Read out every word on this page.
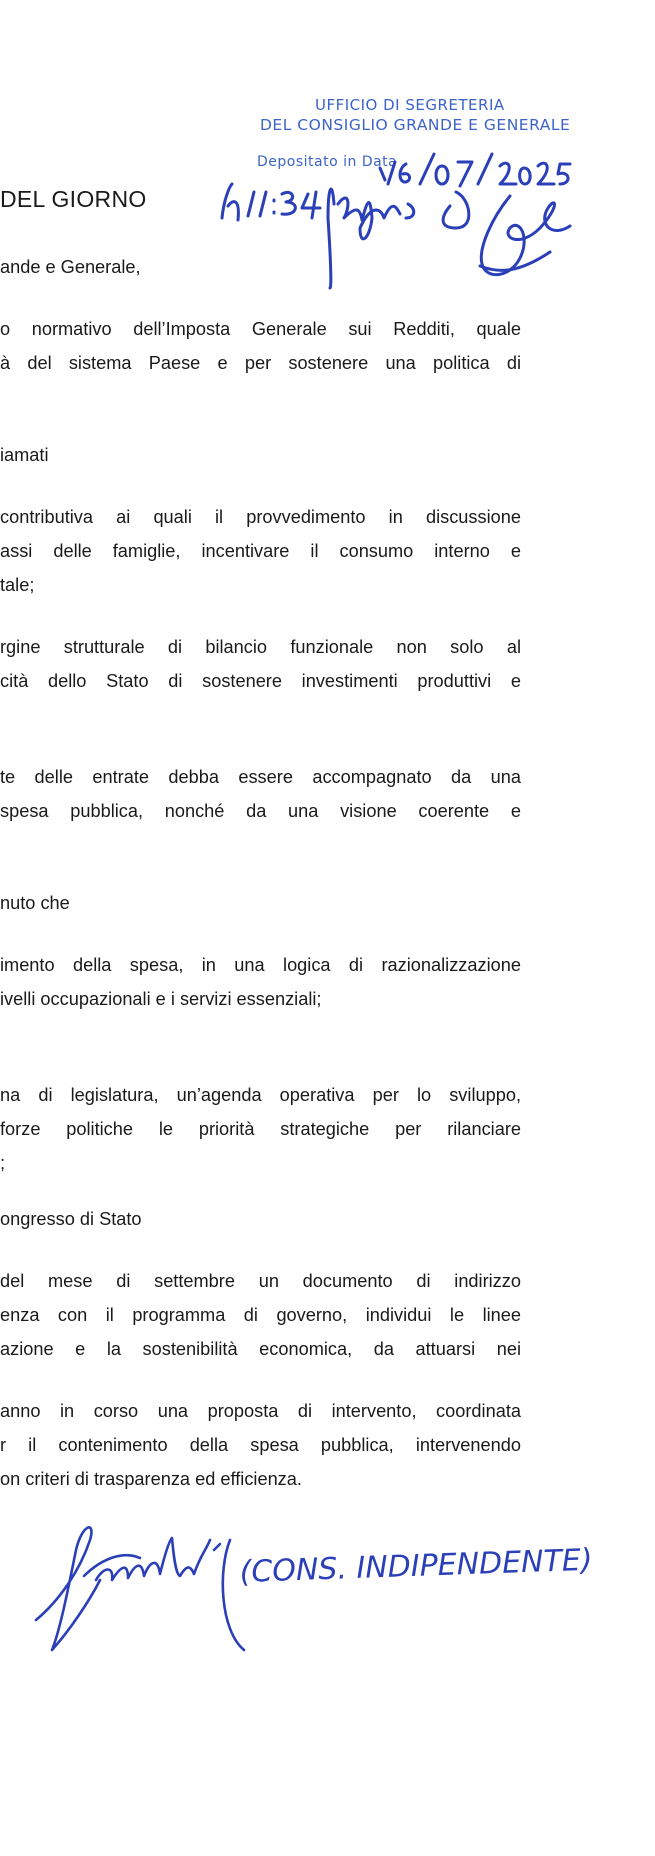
UFFICIO DI SEGRETERIA
DEL CONSIGLIO GRANDE E GENERALE
Depositato in Data
DEL GIORNO
ande e Generale,
o normativo dell’Imposta Generale sui Redditi, quale
à del sistema Paese e per sostenere una politica di
iamati
contributiva ai quali il provvedimento in discussione
assi delle famiglie, incentivare il consumo interno e
tale;
rgine strutturale di bilancio funzionale non solo al
cità dello Stato di sostenere investimenti produttivi e
te delle entrate debba essere accompagnato da una
spesa pubblica, nonché da una visione coerente e
nuto che
imento della spesa, in una logica di razionalizzazione
ivelli occupazionali e i servizi essenziali;
na di legislatura, un’agenda operativa per lo sviluppo,
forze politiche le priorità strategiche per rilanciare
;
ongresso di Stato
del mese di settembre un documento di indirizzo
enza con il programma di governo, individui le linee
azione e la sostenibilità economica, da attuarsi nei
anno in corso una proposta di intervento, coordinata
r il contenimento della spesa pubblica, intervenendo
on criteri di trasparenza ed efficienza.
(CONS. INDIPENDENTE)
